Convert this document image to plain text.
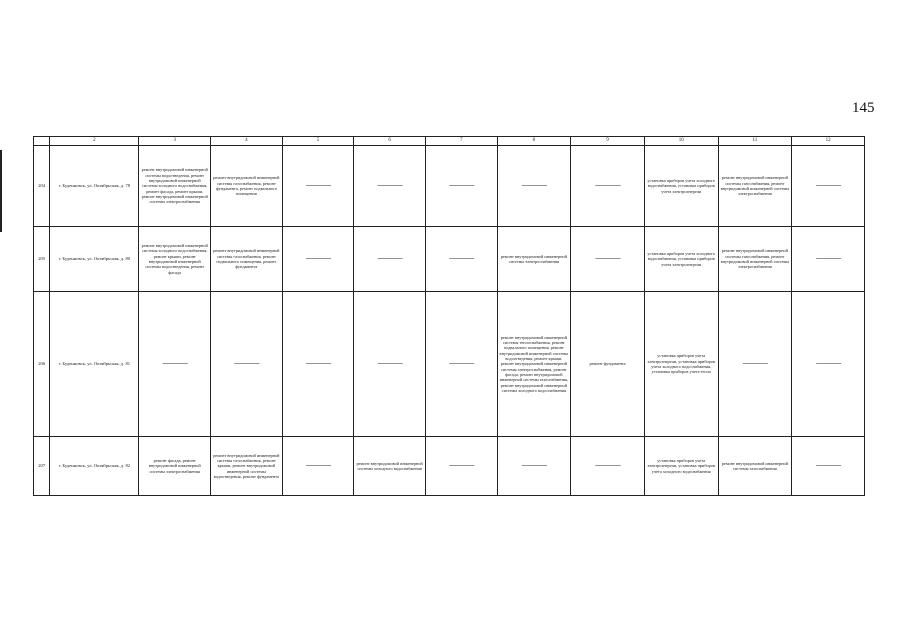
145
	2	3	4	5	6	7	8	9	10	11	12
204	г. Буденновск, ул. Октябрьская, д. 78	ремонт внутридомовой инженерной системы водоотведения, ремонт внутридомовой инженерной системы холодного водоснабжения, ремонт фасада, ремонт крыши, ремонт внутридомовой инженерной системы электроснабжения	ремонт внутридомовой инженерной системы газоснабжения, ремонт фундамента, ремонт подвального помещения	———	———	———	———	———	установка приборов учета холодного водоснабжения, установка приборов учета электроэнергии	ремонт внутридомовой инженерной системы газоснабжения, ремонт внутридомовой инженерной системы электроснабжения	———
205	г. Буденновск, ул. Октябрьская, д. 80	ремонт внутридомовой инженерной системы холодного водоснабжения, ремонт крыши, ремонт внутридомовой инженерной системы водоотведения, ремонт фасада	ремонт внутридомовой инженерной системы газоснабжения, ремонт подвального помещения, ремонт фундамента	———	———	———	ремонт внутридомовой инженерной системы электроснабжения	———	установка приборов учета холодного водоснабжения, установка приборов учета электроэнергии	ремонт внутридомовой инженерной системы газоснабжения, ремонт внутридомовой инженерной системы электроснабжения	———
206	г. Буденновск, ул. Октябрьская, д. 81	———	———	———	———	———	ремонт внутридомовой инженерной системы теплоснабжения, ремонт подвального помещения, ремонт внутридомовой инженерной системы водоотведения, ремонт крыши, ремонт внутридомовой инженерной системы электроснабжения, ремонт фасада, ремонт внутридомовой инженерной системы газоснабжения, ремонт внутридомовой инженерной системы холодного водоснабжения	ремонт фундамента	установка приборов учета электроэнергии, установка приборов учета холодного водоснабжения, установка приборов учета тепла	———	———
207	г. Буденновск, ул. Октябрьская, д. 82	ремонт фасада, ремонт внутридомовой инженерной системы электроснабжения	ремонт внутридомовой инженерной системы газоснабжения, ремонт крыши, ремонт внутридомовой инженерной системы водоотведения, ремонт фундамента	———	ремонт внутридомовой инженерной системы холодного водоснабжения	———	———	———	установка приборов учета электроэнергии, установка приборов учета холодного водоснабжения	ремонт внутридомовой инженерной системы газоснабжения	———
